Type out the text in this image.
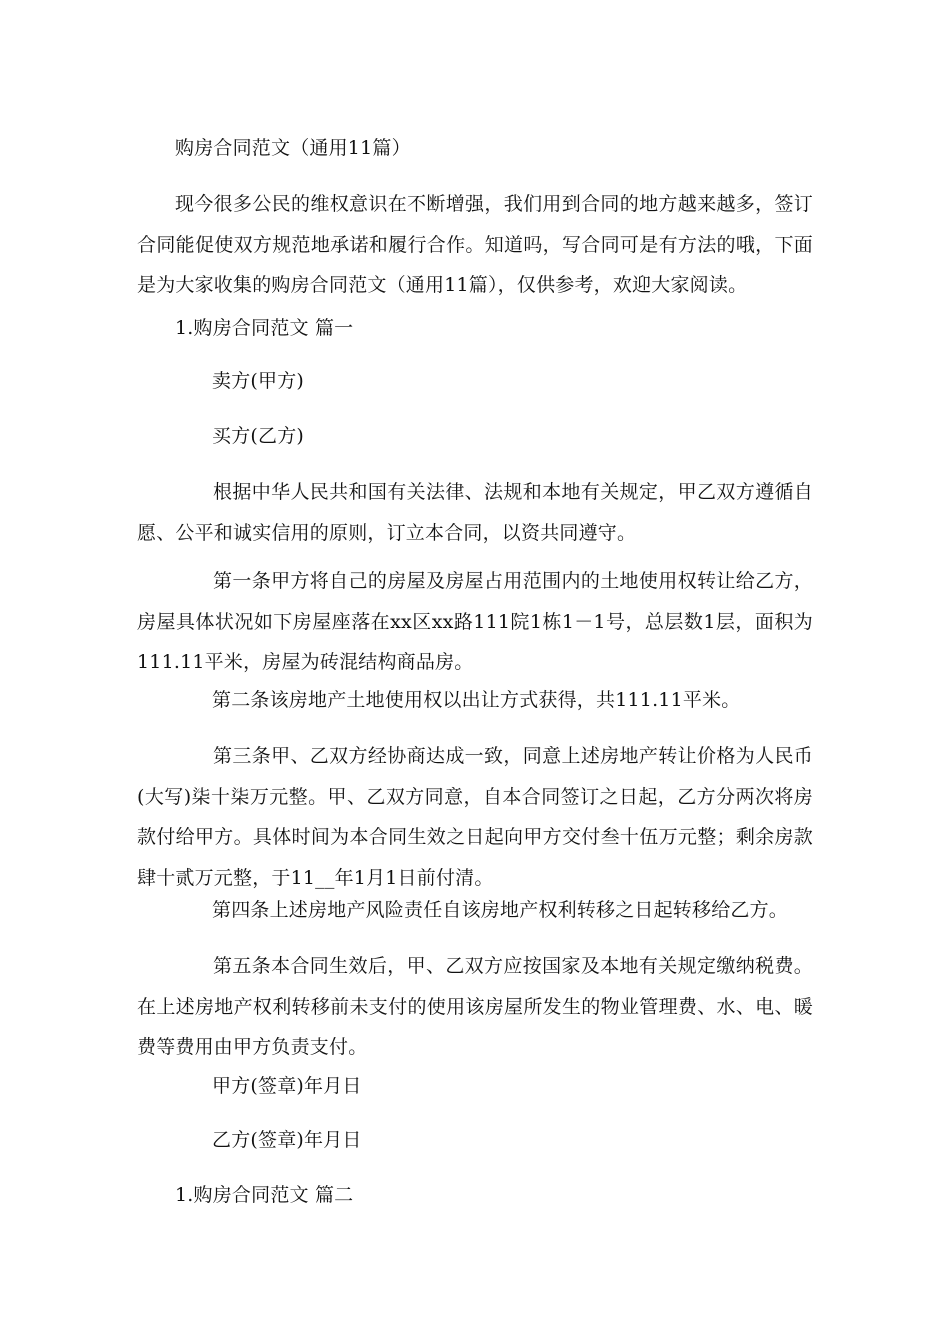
购房合同范文（通用11篇）
现今很多公民的维权意识在不断增强，我们用到合同的地方越来越多，签订合同能促使双方规范地承诺和履行合作。知道吗，写合同可是有方法的哦，下面是为大家收集的购房合同范文（通用11篇），仅供参考，欢迎大家阅读。
1.购房合同范文 篇一
卖方(甲方)
买方(乙方)
根据中华人民共和国有关法律、法规和本地有关规定，甲乙双方遵循自愿、公平和诚实信用的原则，订立本合同，以资共同遵守。
第一条甲方将自己的房屋及房屋占用范围内的土地使用权转让给乙方，房屋具体状况如下房屋座落在xx区xx路111院1栋1－1号，总层数1层，面积为111.11平米，房屋为砖混结构商品房。
第二条该房地产土地使用权以出让方式获得，共111.11平米。
第三条甲、乙双方经协商达成一致，同意上述房地产转让价格为人民币(大写)柒十柒万元整。甲、乙双方同意，自本合同签订之日起，乙方分两次将房款付给甲方。具体时间为本合同生效之日起向甲方交付叁十伍万元整；剩余房款肆十贰万元整，于11__年1月1日前付清。
第四条上述房地产风险责任自该房地产权利转移之日起转移给乙方。
第五条本合同生效后，甲、乙双方应按国家及本地有关规定缴纳税费。在上述房地产权利转移前未支付的使用该房屋所发生的物业管理费、水、电、暖费等费用由甲方负责支付。
甲方(签章)年月日
乙方(签章)年月日
1.购房合同范文 篇二
